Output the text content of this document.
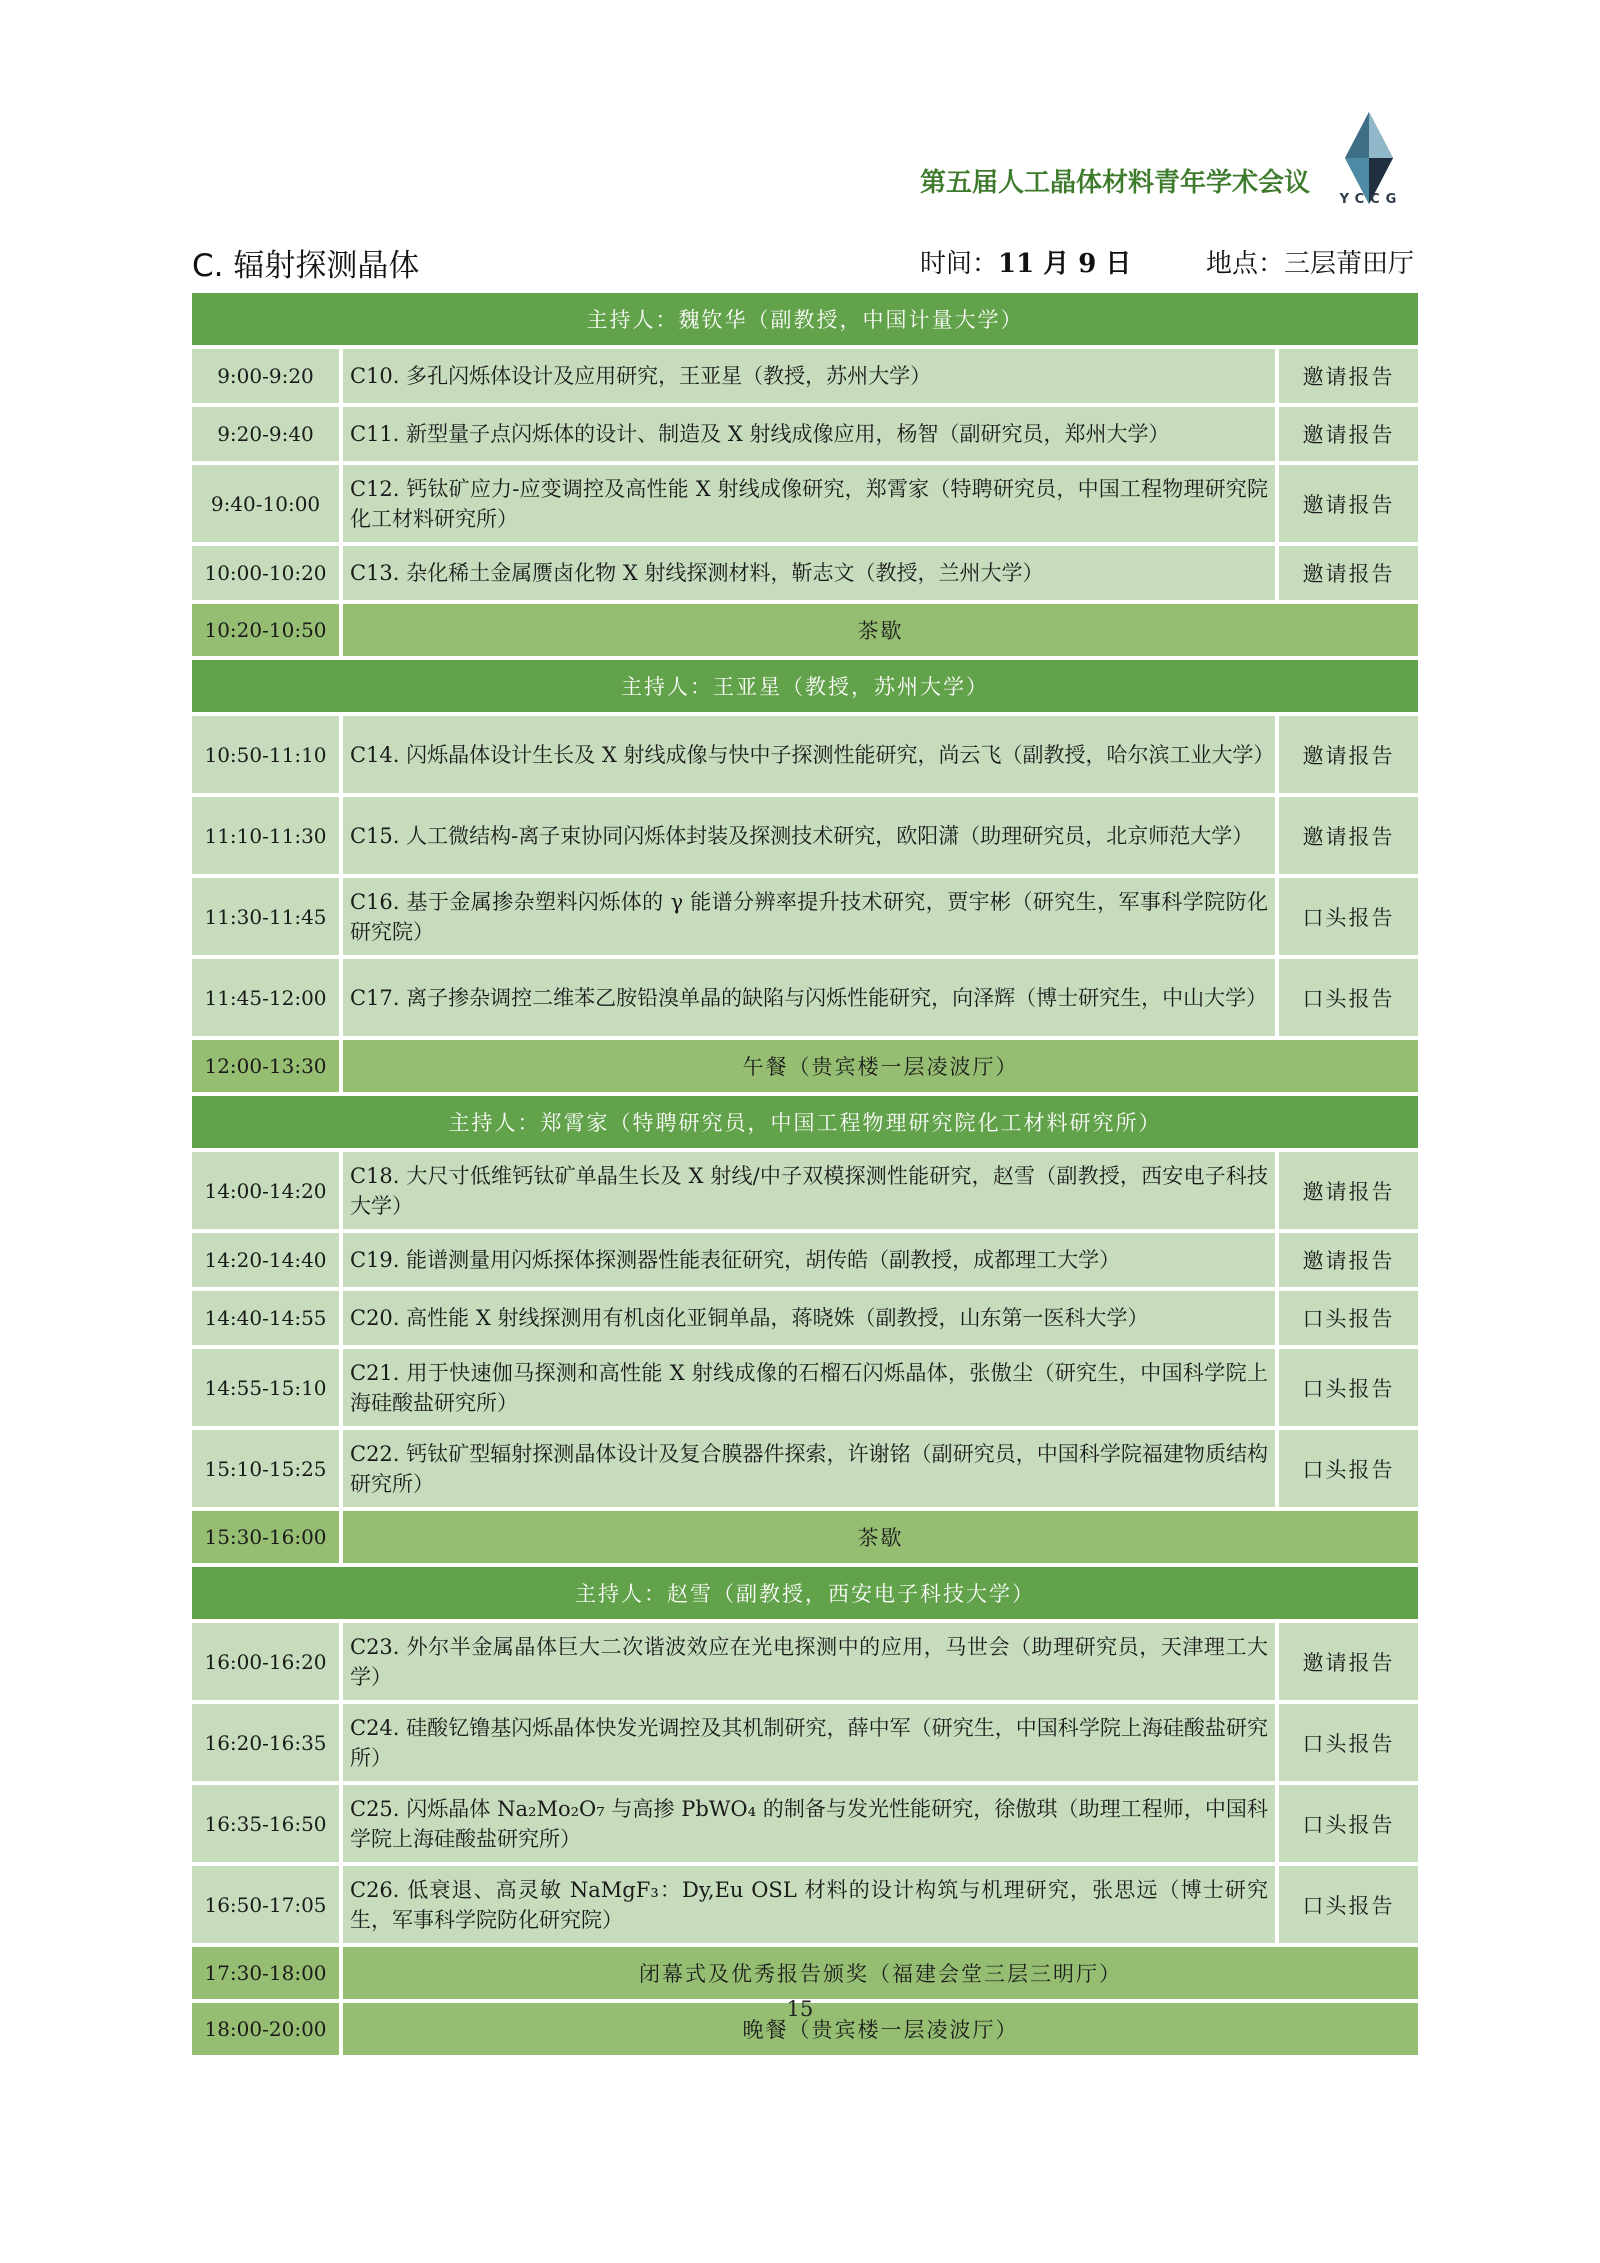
第五届人工晶体材料青年学术会议
YCCG
C. 辐射探测晶体	时间：11 月 9 日	地点：三层莆田厅
主持人：魏钦华（副教授，中国计量大学）		
9:00-9:20	C10. 多孔闪烁体设计及应用研究，王亚星（教授，苏州大学）	邀请报告
9:20-9:40	C11. 新型量子点闪烁体的设计、制造及 X 射线成像应用，杨智（副研究员，郑州大学）	邀请报告
9:40-10:00	C12. 钙钛矿应力-应变调控及高性能 X 射线成像研究，郑霄家（特聘研究员，中国工程物理研究院化工材料研究所）	邀请报告
10:00-10:20	C13. 杂化稀土金属赝卤化物 X 射线探测材料，靳志文（教授，兰州大学）	邀请报告
10:20-10:50	茶歇	
主持人：王亚星（教授，苏州大学）		
10:50-11:10	C14. 闪烁晶体设计生长及 X 射线成像与快中子探测性能研究，尚云飞（副教授，哈尔滨工业大学）	邀请报告
11:10-11:30	C15. 人工微结构-离子束协同闪烁体封装及探测技术研究，欧阳潇（助理研究员，北京师范大学）	邀请报告
11:30-11:45	C16. 基于金属掺杂塑料闪烁体的 γ 能谱分辨率提升技术研究，贾宇彬（研究生，军事科学院防化研究院）	口头报告
11:45-12:00	C17. 离子掺杂调控二维苯乙胺铅溴单晶的缺陷与闪烁性能研究，向泽辉（博士研究生，中山大学）	口头报告
12:00-13:30	午餐（贵宾楼一层凌波厅）	
主持人：郑霄家（特聘研究员，中国工程物理研究院化工材料研究所）		
14:00-14:20	C18. 大尺寸低维钙钛矿单晶生长及 X 射线/中子双模探测性能研究，赵雪（副教授，西安电子科技大学）	邀请报告
14:20-14:40	C19. 能谱测量用闪烁探体探测器性能表征研究，胡传皓（副教授，成都理工大学）	邀请报告
14:40-14:55	C20. 高性能 X 射线探测用有机卤化亚铜单晶，蒋晓姝（副教授，山东第一医科大学）	口头报告
14:55-15:10	C21. 用于快速伽马探测和高性能 X 射线成像的石榴石闪烁晶体，张傲尘（研究生，中国科学院上海硅酸盐研究所）	口头报告
15:10-15:25	C22. 钙钛矿型辐射探测晶体设计及复合膜器件探索，许谢铭（副研究员，中国科学院福建物质结构研究所）	口头报告
15:30-16:00	茶歇	
主持人：赵雪（副教授，西安电子科技大学）		
16:00-16:20	C23. 外尔半金属晶体巨大二次谐波效应在光电探测中的应用，马世会（助理研究员，天津理工大学）	邀请报告
16:20-16:35	C24. 硅酸钇镥基闪烁晶体快发光调控及其机制研究，薛中军（研究生，中国科学院上海硅酸盐研究所）	口头报告
16:35-16:50	C25. 闪烁晶体 Na₂Mo₂O₇ 与高掺 PbWO₄ 的制备与发光性能研究，徐傲琪（助理工程师，中国科学院上海硅酸盐研究所）	口头报告
16:50-17:05	C26. 低衰退、高灵敏 NaMgF₃：Dy,Eu OSL 材料的设计构筑与机理研究，张思远（博士研究生，军事科学院防化研究院）	口头报告
17:30-18:00	闭幕式及优秀报告颁奖（福建会堂三层三明厅）	
18:00-20:00	晚餐（贵宾楼一层凌波厅）	
15
